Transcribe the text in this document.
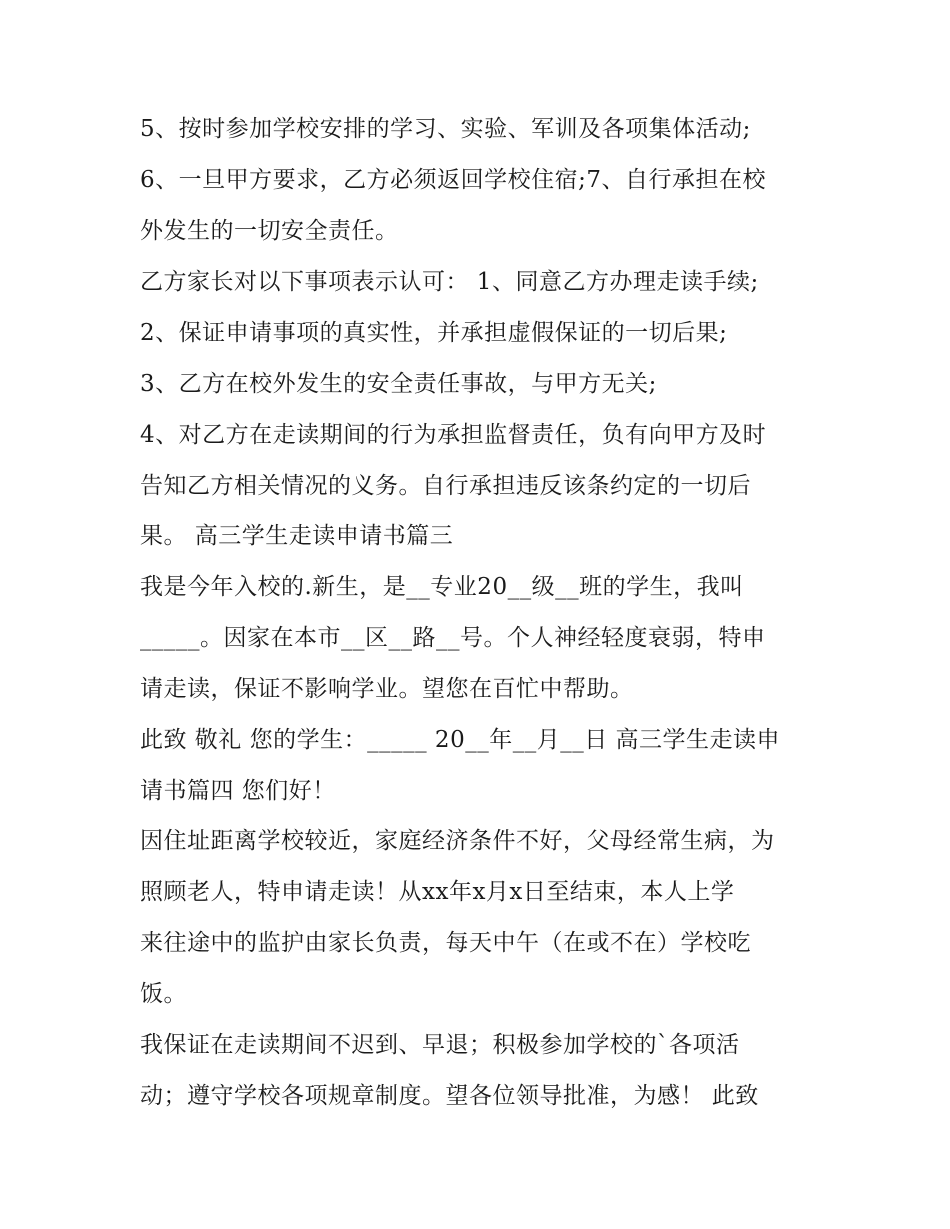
5、按时参加学校安排的学习、实验、军训及各项集体活动;
6、一旦甲方要求，乙方必须返回学校住宿;7、自行承担在校
外发生的一切安全责任。
乙方家长对以下事项表示认可： 1、同意乙方办理走读手续;
2、保证申请事项的真实性，并承担虚假保证的一切后果;
3、乙方在校外发生的安全责任事故，与甲方无关;
4、对乙方在走读期间的行为承担监督责任，负有向甲方及时
告知乙方相关情况的义务。自行承担违反该条约定的一切后
果。 高三学生走读申请书篇三
我是今年入校的.新生，是__专业20__级__班的学生，我叫
_____。因家在本市__区__路__号。个人神经轻度衰弱，特申
请走读，保证不影响学业。望您在百忙中帮助。
此致 敬礼 您的学生：_____ 20__年__月__日 高三学生走读申
请书篇四 您们好！
因住址距离学校较近，家庭经济条件不好，父母经常生病，为
照顾老人，特申请走读！从xx年x月x日至结束，本人上学
来往途中的监护由家长负责，每天中午（在或不在）学校吃
饭。
我保证在走读期间不迟到、早退；积极参加学校的`各项活
动；遵守学校各项规章制度。望各位领导批准，为感！ 此致
